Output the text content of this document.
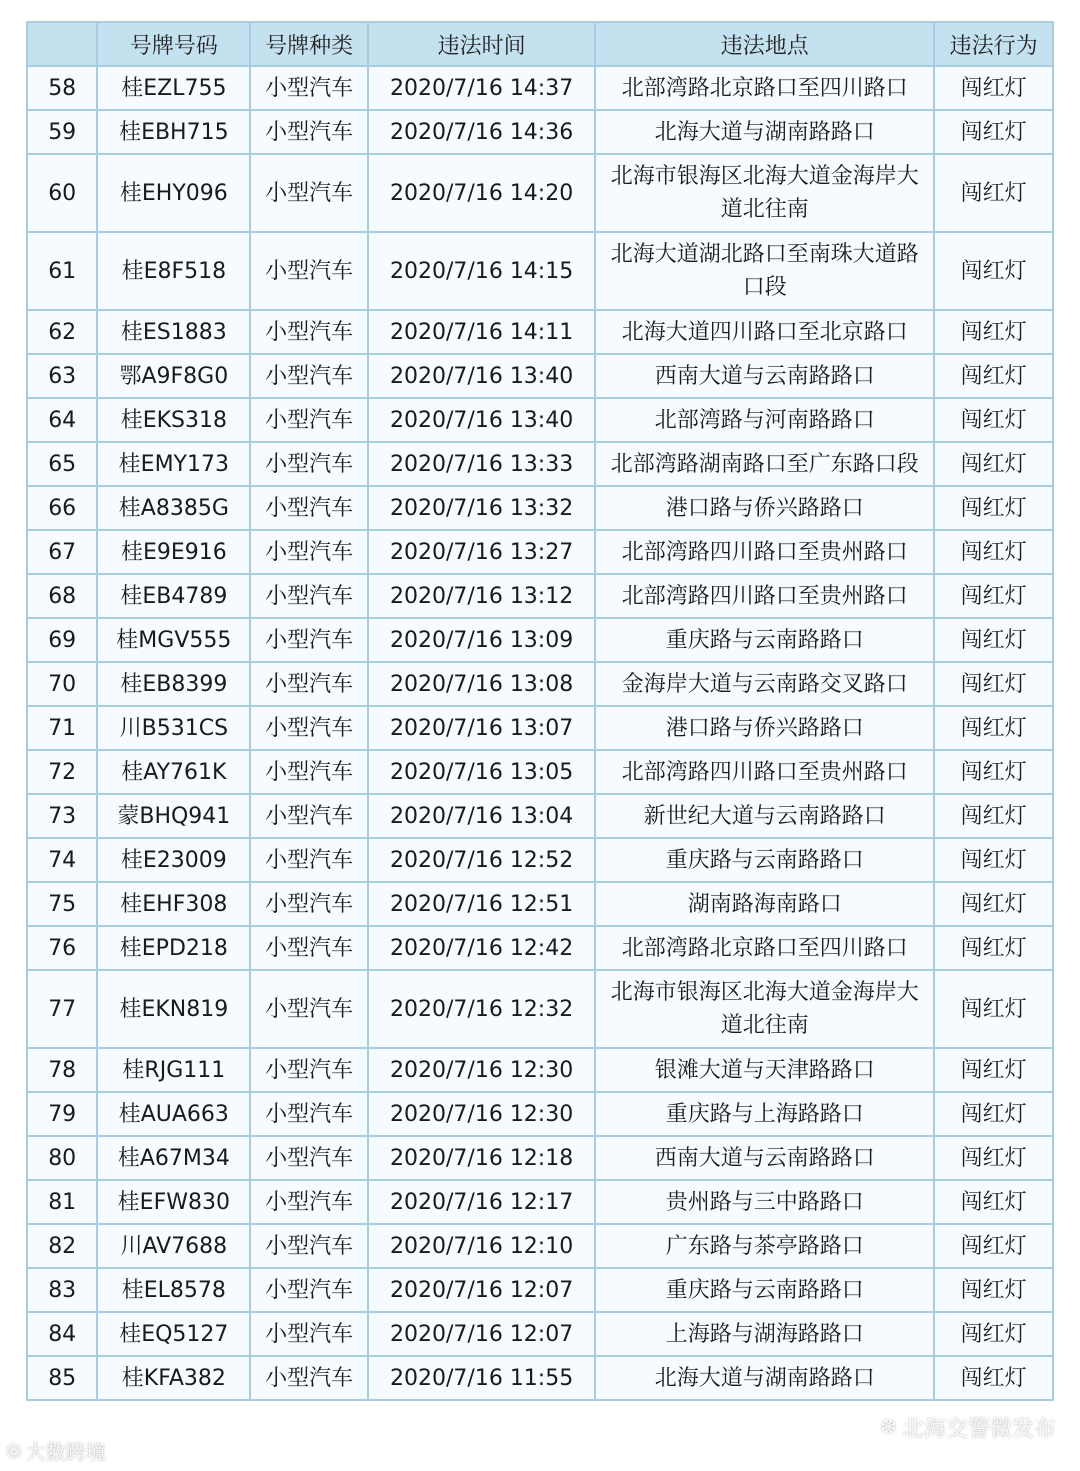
	号牌号码	号牌种类	违法时间	违法地点	违法行为
58	桂EZL755	小型汽车	2020/7/16 14:37	北部湾路北京路口至四川路口	闯红灯
59	桂EBH715	小型汽车	2020/7/16 14:36	北海大道与湖南路路口	闯红灯
60	桂EHY096	小型汽车	2020/7/16 14:20	北海市银海区北海大道金海岸大道北往南	闯红灯
61	桂E8F518	小型汽车	2020/7/16 14:15	北海大道湖北路口至南珠大道路口段	闯红灯
62	桂ES1883	小型汽车	2020/7/16 14:11	北海大道四川路口至北京路口	闯红灯
63	鄂A9F8G0	小型汽车	2020/7/16 13:40	西南大道与云南路路口	闯红灯
64	桂EKS318	小型汽车	2020/7/16 13:40	北部湾路与河南路路口	闯红灯
65	桂EMY173	小型汽车	2020/7/16 13:33	北部湾路湖南路口至广东路口段	闯红灯
66	桂A8385G	小型汽车	2020/7/16 13:32	港口路与侨兴路路口	闯红灯
67	桂E9E916	小型汽车	2020/7/16 13:27	北部湾路四川路口至贵州路口	闯红灯
68	桂EB4789	小型汽车	2020/7/16 13:12	北部湾路四川路口至贵州路口	闯红灯
69	桂MGV555	小型汽车	2020/7/16 13:09	重庆路与云南路路口	闯红灯
70	桂EB8399	小型汽车	2020/7/16 13:08	金海岸大道与云南路交叉路口	闯红灯
71	川B531CS	小型汽车	2020/7/16 13:07	港口路与侨兴路路口	闯红灯
72	桂AY761K	小型汽车	2020/7/16 13:05	北部湾路四川路口至贵州路口	闯红灯
73	蒙BHQ941	小型汽车	2020/7/16 13:04	新世纪大道与云南路路口	闯红灯
74	桂E23009	小型汽车	2020/7/16 12:52	重庆路与云南路路口	闯红灯
75	桂EHF308	小型汽车	2020/7/16 12:51	湖南路海南路口	闯红灯
76	桂EPD218	小型汽车	2020/7/16 12:42	北部湾路北京路口至四川路口	闯红灯
77	桂EKN819	小型汽车	2020/7/16 12:32	北海市银海区北海大道金海岸大道北往南	闯红灯
78	桂RJG111	小型汽车	2020/7/16 12:30	银滩大道与天津路路口	闯红灯
79	桂AUA663	小型汽车	2020/7/16 12:30	重庆路与上海路路口	闯红灯
80	桂A67M34	小型汽车	2020/7/16 12:18	西南大道与云南路路口	闯红灯
81	桂EFW830	小型汽车	2020/7/16 12:17	贵州路与三中路路口	闯红灯
82	川AV7688	小型汽车	2020/7/16 12:10	广东路与茶亭路路口	闯红灯
83	桂EL8578	小型汽车	2020/7/16 12:07	重庆路与云南路路口	闯红灯
84	桂EQ5127	小型汽车	2020/7/16 12:07	上海路与湖海路路口	闯红灯
85	桂KFA382	小型汽车	2020/7/16 11:55	北海大道与湖南路路口	闯红灯
❂ 北海交警微发布
◎ 大数跨境
